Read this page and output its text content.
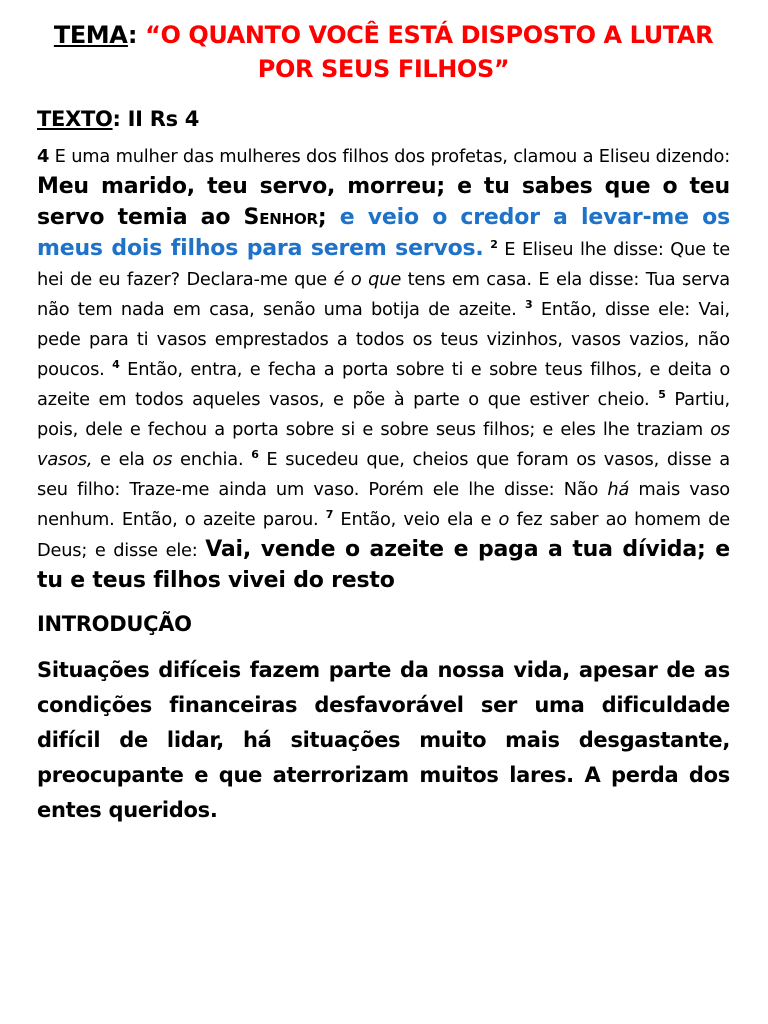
TEMA: “O QUANTO VOCÊ ESTÁ DISPOSTO A LUTAR POR SEUS FILHOS”

TEXTO: II Rs 4

4 E uma mulher das mulheres dos filhos dos profetas, clamou a Eliseu dizendo: Meu marido, teu servo, morreu; e tu sabes que o teu servo temia ao Senhor; e veio o credor a levar-me os meus dois filhos para serem servos. $^2$ E Eliseu lhe disse: Que te hei de eu fazer? Declara-me que é o que tens em casa. E ela disse: Tua serva não tem nada em casa, senão uma botija de azeite. $^3$ Então, disse ele: Vai, pede para ti vasos emprestados a todos os teus vizinhos, vasos vazios, não poucos. $^4$ Então, entra, e fecha a porta sobre ti e sobre teus filhos, e deita o azeite em todos aqueles vasos, e põe à parte o que estiver cheio. $^5$ Partiu, pois, dele e fechou a porta sobre si e sobre seus filhos; e eles lhe traziam os vasos, e ela os enchia. $^6$ E sucedeu que, cheios que foram os vasos, disse a seu filho: Traze-me ainda um vaso. Porém ele lhe disse: Não há mais vaso nenhum. Então, o azeite parou. $^7$ Então, veio ela e o fez saber ao homem de Deus; e disse ele: Vai, vende o azeite e paga a tua dívida; e tu e teus filhos vivei do resto

INTRODUÇÃO

Situações difíceis fazem parte da nossa vida, apesar de as condições financeiras desfavorável ser uma dificuldade difícil de lidar, há situações muito mais desgastante, preocupante e que aterrorizam muitos lares. A perda dos entes queridos.
